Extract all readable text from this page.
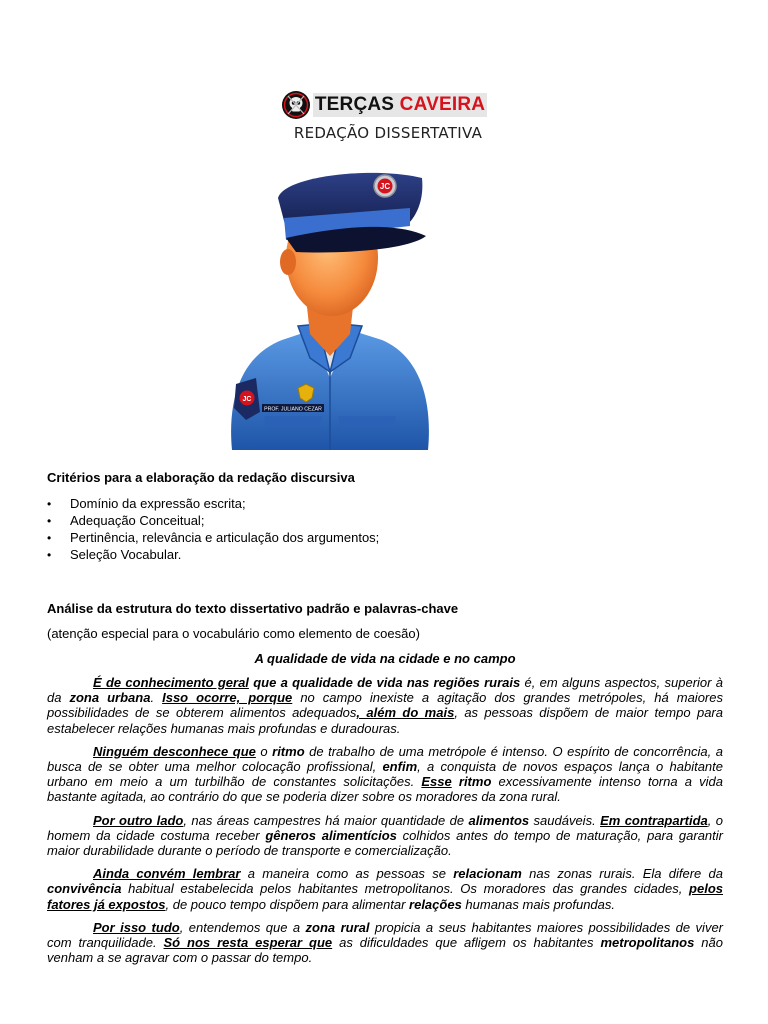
TERÇAS CAVEIRA
REDAÇÃO DISSERTATIVA
JC
JC
PROF. JULIANO CEZAR
Critérios para a elaboração da redação discursiva
• Domínio da expressão escrita;
• Adequação Conceitual;
• Pertinência, relevância e articulação dos argumentos;
• Seleção Vocabular.
Análise da estrutura do texto dissertativo padrão e palavras-chave
(atenção especial para o vocabulário como elemento de coesão)
A qualidade de vida na cidade e no campo

É de conhecimento geral que a qualidade de vida nas regiões rurais é, em alguns aspectos, superior à da zona urbana. Isso ocorre, porque no campo inexiste a agitação dos grandes metrópoles, há maiores possibilidades de se obterem alimentos adequados, além do mais, as pessoas dispõem de maior tempo para estabelecer relações humanas mais profundas e duradouras.

Ninguém desconhece que o ritmo de trabalho de uma metrópole é intenso. O espírito de concorrência, a busca de se obter uma melhor colocação profissional, enfim, a conquista de novos espaços lança o habitante urbano em meio a um turbilhão de constantes solicitações. Esse ritmo excessivamente intenso torna a vida bastante agitada, ao contrário do que se poderia dizer sobre os moradores da zona rural.

Por outro lado, nas áreas campestres há maior quantidade de alimentos saudáveis. Em contrapartida, o homem da cidade costuma receber gêneros alimentícios colhidos antes do tempo de maturação, para garantir maior durabilidade durante o período de transporte e comercialização.

Ainda convém lembrar a maneira como as pessoas se relacionam nas zonas rurais. Ela difere da convivência habitual estabelecida pelos habitantes metropolitanos. Os moradores das grandes cidades, pelos fatores já expostos, de pouco tempo dispõem para alimentar relações humanas mais profundas.

Por isso tudo, entendemos que a zona rural propicia a seus habitantes maiores possibilidades de viver com tranquilidade. Só nos resta esperar que as dificuldades que afligem os habitantes metropolitanos não venham a se agravar com o passar do tempo.
